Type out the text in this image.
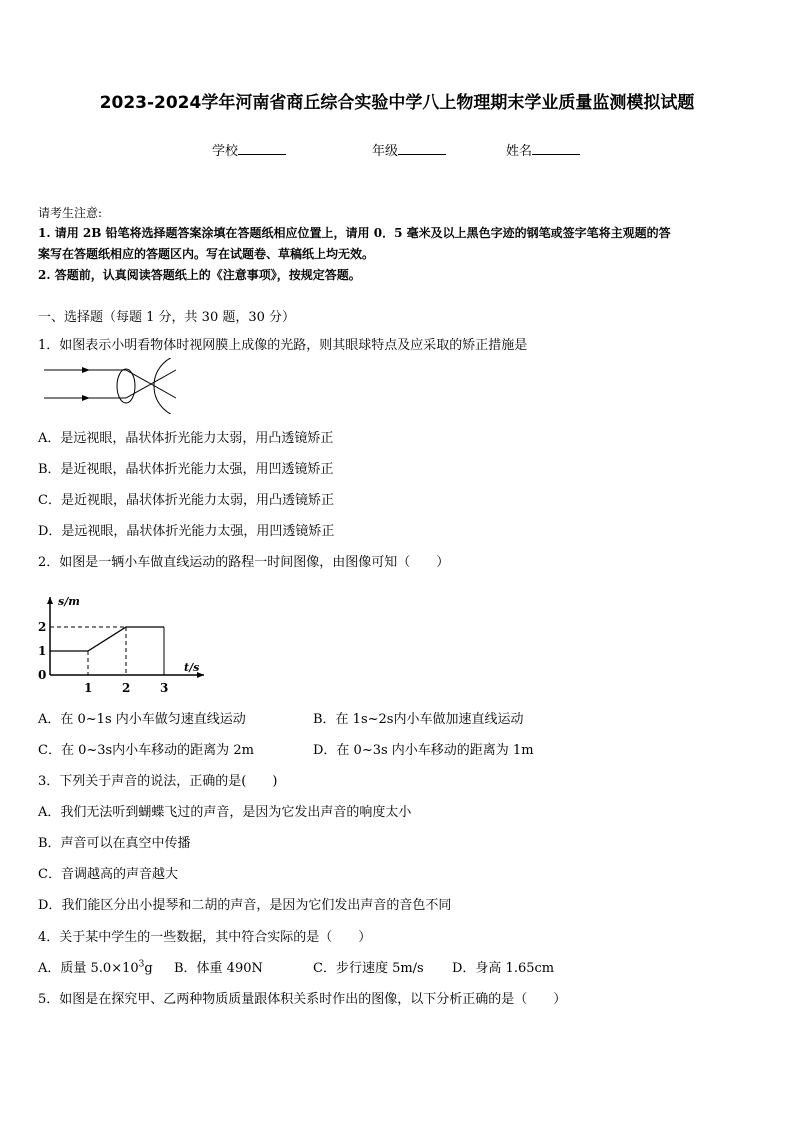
2023-2024学年河南省商丘综合实验中学八上物理期末学业质量监测模拟试题
学校	年级	姓名
请考生注意:
1. 请用 2B 铅笔将选择题答案涂填在答题纸相应位置上，请用 0．5 毫米及以上黑色字迹的钢笔或签字笔将主观题的答
案写在答题纸相应的答题区内。写在试题卷、草稿纸上均无效。
2. 答题前，认真阅读答题纸上的《注意事项》，按规定答题。
一、选择题（每题 1 分，共 30 题，30 分）
1．如图表示小明看物体时视网膜上成像的光路，则其眼球特点及应采取的矫正措施是
A．是远视眼，晶状体折光能力太弱，用凸透镜矫正
B．是近视眼，晶状体折光能力太强，用凹透镜矫正
C．是近视眼，晶状体折光能力太弱，用凸透镜矫正
D．是远视眼，晶状体折光能力太强，用凹透镜矫正
2．如图是一辆小车做直线运动的路程一时间图像，由图像可知（　　）
s/m
t/s
0
1 2 3
1
2
A．在 0~1s 内小车做匀速直线运动	B．在 1s~2s内小车做加速直线运动
C．在 0~3s内小车移动的距离为 2m	D．在 0~3s 内小车移动的距离为 1m
3．下列关于声音的说法，正确的是(　　)
A．我们无法听到蝴蝶飞过的声音，是因为它发出声音的响度太小
B．声音可以在真空中传播
C．音调越高的声音越大
D．我们能区分出小提琴和二胡的声音，是因为它们发出声音的音色不同
4．关于某中学生的一些数据，其中符合实际的是（　　）
A．质量 $5.0\times 10^3g$ B．体重 490N	C．步行速度 5m/s D．身高 1.65cm
5．如图是在探究甲、乙两种物质质量跟体积关系时作出的图像，以下分析正确的是（　　）
